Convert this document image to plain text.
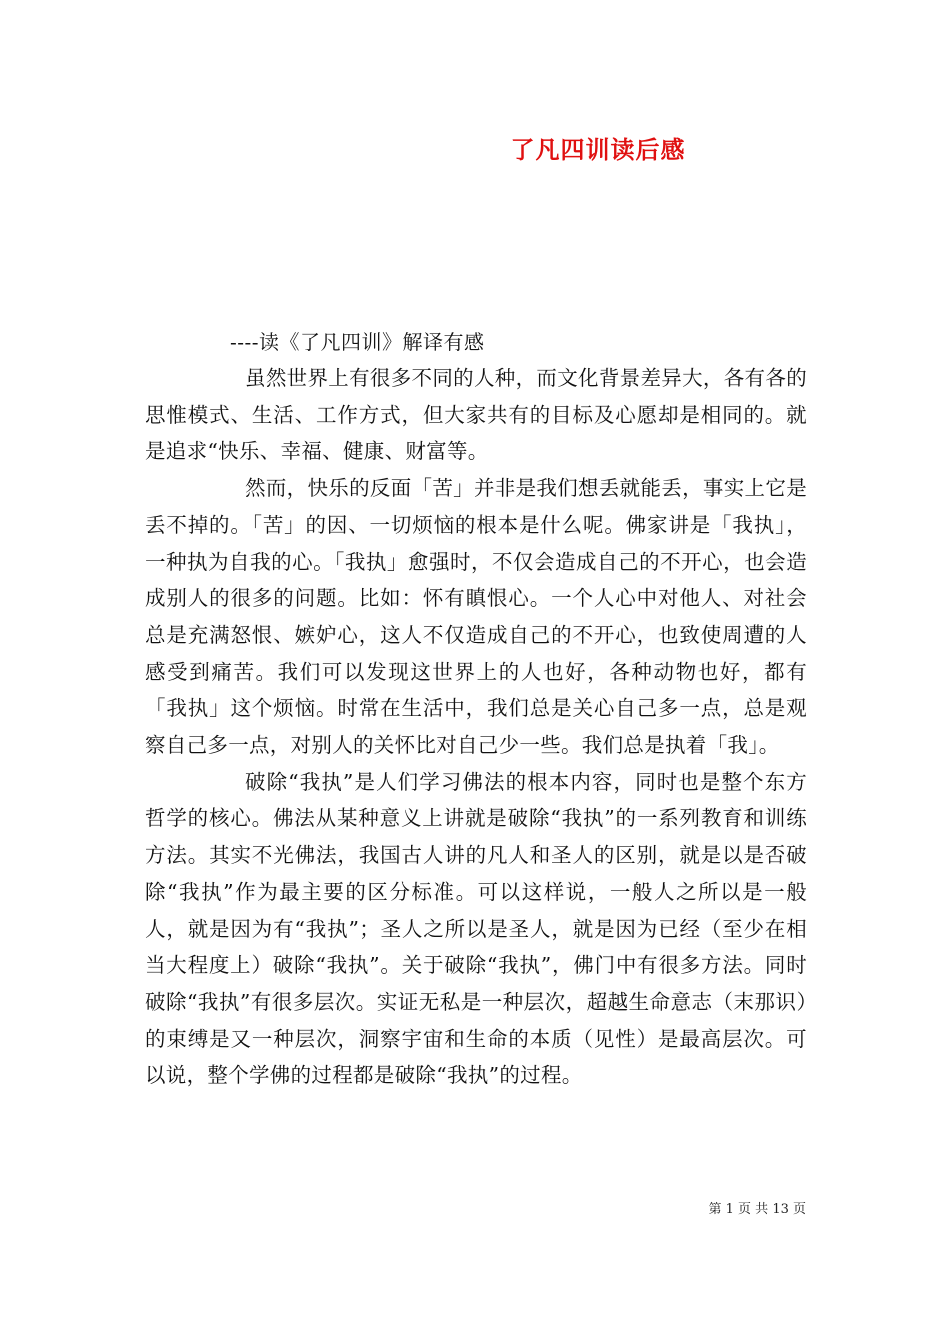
了凡四训读后感
----读《了凡四训》解译有感

虽然世界上有很多不同的人种，而文化背景差异大，各有各的思惟模式、生活、工作方式，但大家共有的目标及心愿却是相同的。就是追求“快乐、幸福、健康、财富等。

然而，快乐的反面「苦」并非是我们想丢就能丢，事实上它是丢不掉的。「苦」的因、一切烦恼的根本是什么呢。佛家讲是「我执」，一种执为自我的心。「我执」愈强时，不仅会造成自己的不开心，也会造成别人的很多的问题。比如：怀有瞋恨心。一个人心中对他人、对社会总是充满怒恨、嫉妒心，这人不仅造成自己的不开心，也致使周遭的人感受到痛苦。我们可以发现这世界上的人也好，各种动物也好，都有「我执」这个烦恼。时常在生活中，我们总是关心自己多一点，总是观察自己多一点，对别人的关怀比对自己少一些。我们总是执着「我」。

破除“我执”是人们学习佛法的根本内容，同时也是整个东方哲学的核心。佛法从某种意义上讲就是破除“我执”的一系列教育和训练方法。其实不光佛法，我国古人讲的凡人和圣人的区别，就是以是否破除“我执”作为最主要的区分标准。可以这样说，一般人之所以是一般人，就是因为有“我执”；圣人之所以是圣人，就是因为已经（至少在相当大程度上）破除“我执”。关于破除“我执”，佛门中有很多方法。同时破除“我执”有很多层次。实证无私是一种层次，超越生命意志（末那识）的束缚是又一种层次，洞察宇宙和生命的本质（见性）是最高层次。可以说，整个学佛的过程都是破除“我执”的过程。

第 1 页 共 13 页
